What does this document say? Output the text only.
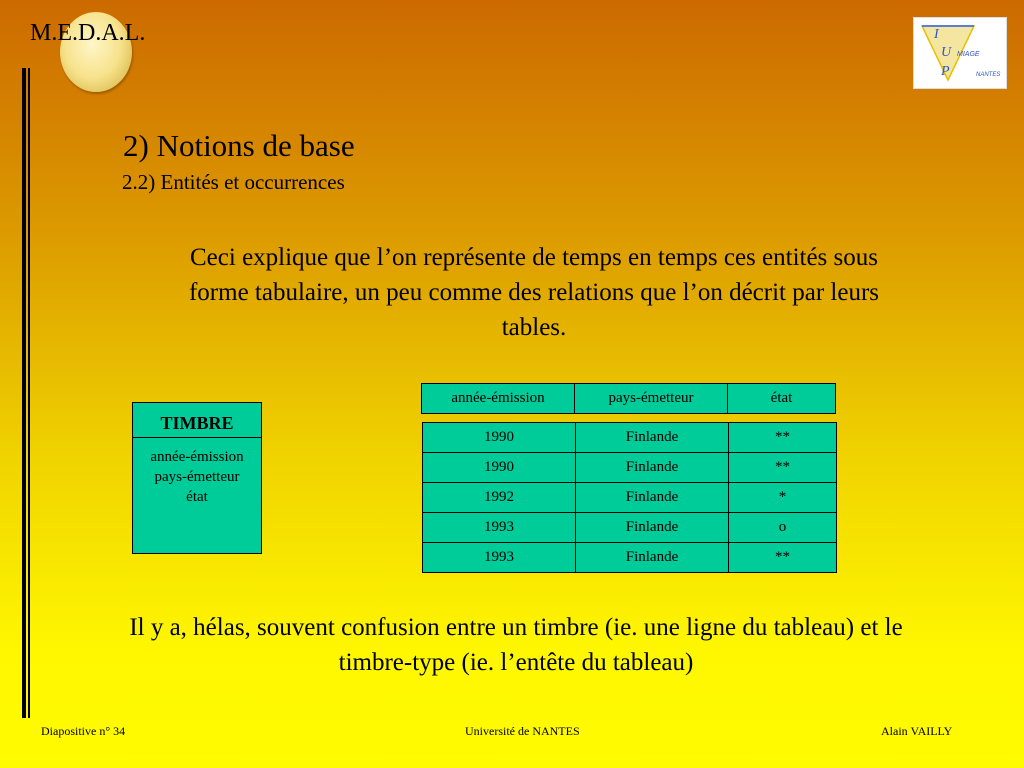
M.E.D.A.L.	I
U
P
MIAGE
NANTES
2) Notions de base
2.2) Entités et occurrences
Ceci explique que l’on représente de temps en temps ces entités sous forme tabulaire, un peu comme des relations que l’on décrit par leurs tables.
TIMBRE
année-émission
pays-émetteur
état
année-émission	pays-émetteur	état
1990	Finlande	**
1990	Finlande	**
1992	Finlande	*
1993	Finlande	o
1993	Finlande	**
Il y a, hélas, souvent confusion entre un timbre (ie. une ligne du tableau) et le timbre-type (ie. l’entête du tableau)
Diapositive n° 34	Université de NANTES	Alain VAILLY
